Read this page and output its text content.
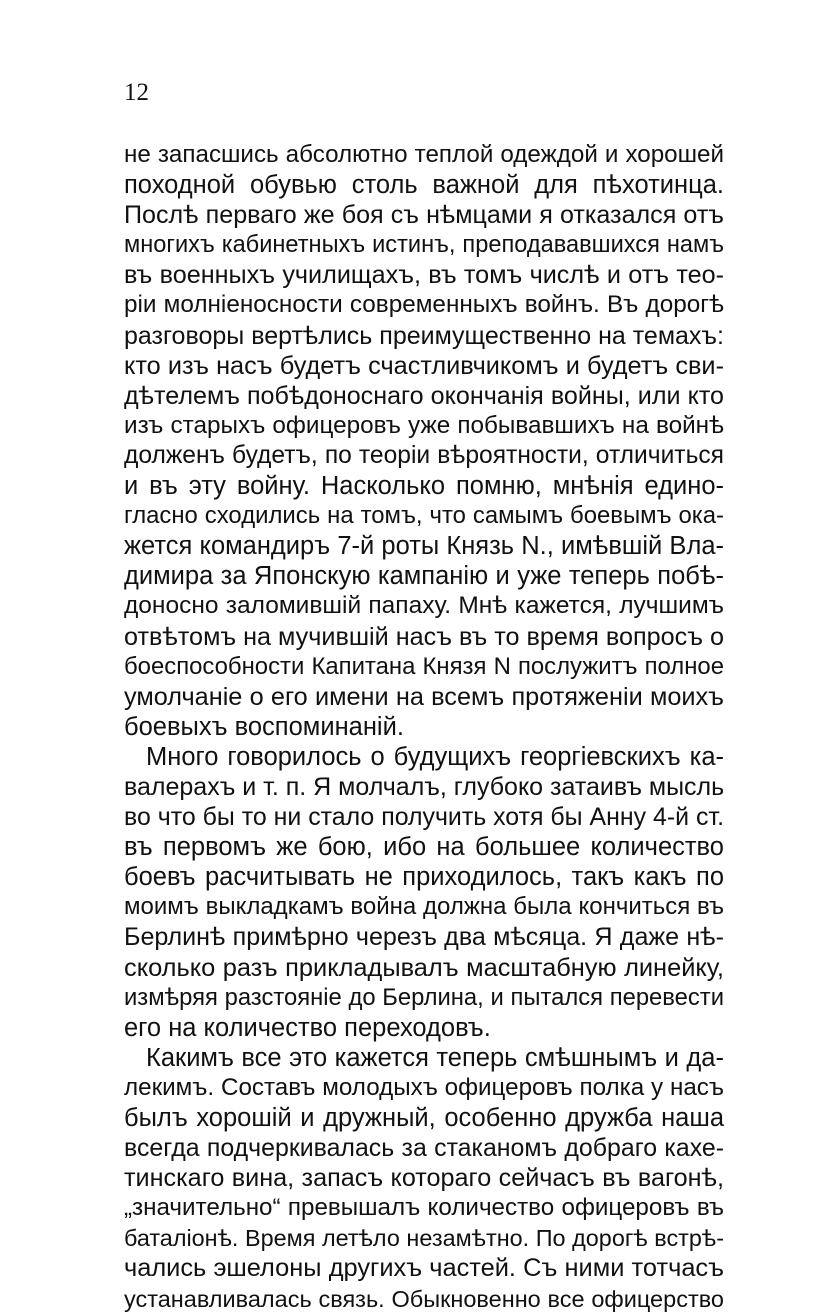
12
не запасшись абсолютно теплой одеждой и хорошей
походной обувью столь важной для пѣхотинца.
Послѣ перваго же боя съ нѣмцами я отказался отъ
многихъ кабинетныхъ истинъ, преподававшихся намъ
въ военныхъ училищахъ, въ томъ числѣ и отъ тео-
рiи молнiеносности современныхъ войнъ. Въ дорогѣ
разговоры вертѣлись преимущественно на темахъ:
кто изъ насъ будетъ счастливчикомъ и будетъ сви-
дѣтелемъ побѣдоноснаго окончанiя войны, или кто
изъ старыхъ офицеровъ уже побывавшихъ на войнѣ
долженъ будетъ, по теорiи вѣроятности, отличиться
и въ эту войну. Насколько помню, мнѣнiя едино-
гласно сходились на томъ, что самымъ боевымъ ока-
жется командиръ 7-й роты Князь N., имѣвшiй Вла-
димира за Японскую кампанiю и уже теперь побѣ-
доносно заломившiй папаху. Мнѣ кажется, лучшимъ
отвѣтомъ на мучившiй насъ въ то время вопросъ о
боеспособности Капитана Князя N послужитъ полное
умолчанiе о его имени на всемъ протяженiи моихъ
боевыхъ воспоминанiй.
Много говорилось о будущихъ георгiевскихъ ка-
валерахъ и т. п. Я молчалъ, глубоко затаивъ мысль
во что бы то ни стало получить хотя бы Анну 4-й ст.
въ первомъ же бою, ибо на большее количество
боевъ расчитывать не приходилось, такъ какъ по
моимъ выкладкамъ война должна была кончиться въ
Берлинѣ примѣрно черезъ два мѣсяца. Я даже нѣ-
сколько разъ прикладывалъ масштабную линейку,
измѣряя разстоянiе до Берлина, и пытался перевести
его на количество переходовъ.
Какимъ все это кажется теперь смѣшнымъ и да-
лекимъ. Составъ молодыхъ офицеровъ полка у насъ
былъ хорошiй и дружный, особенно дружба наша
всегда подчеркивалась за стаканомъ добраго кахе-
тинскаго вина, запасъ котораго сейчасъ въ вагонѣ,
„значительно“ превышалъ количество офицеровъ въ
баталiонѣ. Время летѣло незамѣтно. По дорогѣ встрѣ-
чались эшелоны другихъ частей. Съ ними тотчасъ
устанавливалась связь. Обыкновенно все офицерство
